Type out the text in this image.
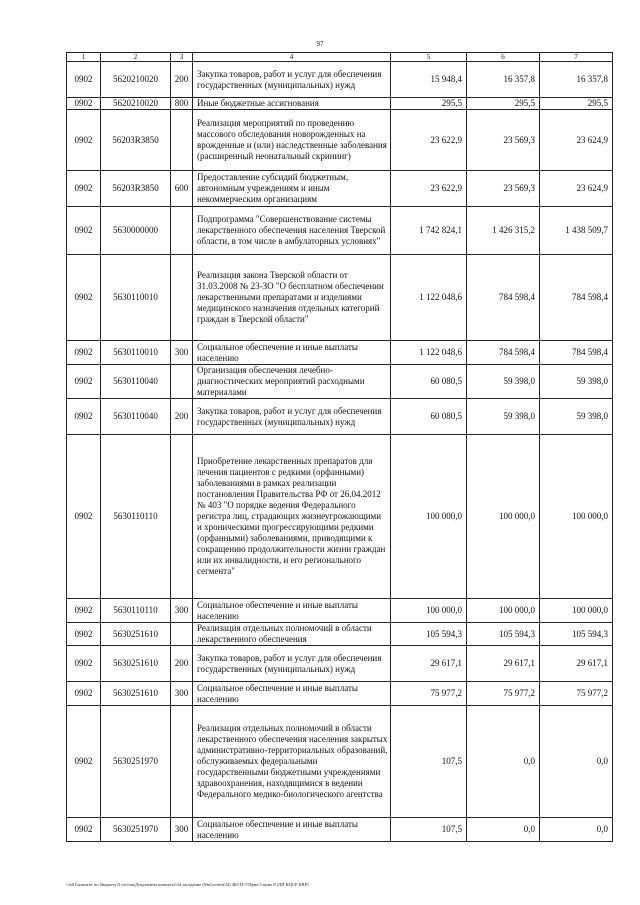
97
1	2	3	4	5	6	7
0902	5620210020	200	Закупка товаров, работ и услуг для обеспечения государственных (муниципальных) нужд	15 948,4	16 357,8	16 357,8
0902	5620210020	800	Иные бюджетные ассигнования	295,5	295,5	295,5
0902	56203R3850		Реализация мероприятий по проведению массового обследования новорожденных на врожденные и (или) наследственные заболевания (расширенный неонатальный скрининг)	23 622,9	23 569,3	23 624,9
0902	56203R3850	600	Предоставление субсидий бюджетным, автономным учреждениям и иным некоммерческим организациям	23 622,9	23 569,3	23 624,9
0902	5630000000		Подпрограмма "Совершенствование системы лекарственного обеспечения населения Тверской области, в том числе в амбулаторных условиях"	1 742 824,1	1 426 315,2	1 438 509,7
0902	5630110010		Реализация закона Тверской области от 31.03.2008 № 23-ЗО "О бесплатном обеспечении лекарственными препаратами и изделиями медицинского назначения отдельных категорий граждан в Тверской области"	1 122 048,6	784 598,4	784 598,4
0902	5630110010	300	Социальное обеспечение и иные выплаты населению	1 122 048,6	784 598,4	784 598,4
0902	5630110040		Организация обеспечения лечебно-диагностических мероприятий расходными материалами	60 080,5	59 398,0	59 398,0
0902	5630110040	200	Закупка товаров, работ и услуг для обеспечения государственных (муниципальных) нужд	60 080,5	59 398,0	59 398,0
0902	5630110110		Приобретение лекарственных препаратов для лечения пациентов с редкими (орфанными) заболеваниями в рамках реализации постановления Правительства РФ от 26.04.2012 № 403 "О порядке ведения Федерального регистра лиц, страдающих жизнеугрожающими и хроническими прогрессирующими редкими (орфанными) заболеваниями, приводящими к сокращению продолжительности жизни граждан или их инвалидности, и его регионального сегмента"	100 000,0	100 000,0	100 000,0
0902	5630110110	300	Социальное обеспечение и иные выплаты населению	100 000,0	100 000,0	100 000,0
0902	5630251610		Реализация отдельных полномочий в области лекарственного обеспечения	105 594,3	105 594,3	105 594,3
0902	5630251610	200	Закупка товаров, работ и услуг для обеспечения государственных (муниципальных) нужд	29 617,1	29 617,1	29 617,1
0902	5630251610	300	Социальное обеспечение и иные выплаты населению	75 977,2	75 977,2	75 977,2
0902	5630251970		Реализация отдельных полномочий в области лекарственного обеспечения населения закрытых административно-территориальных образований, обслуживаемых федеральными государственными бюджетными учреждениями здравоохранения, находящимися в ведении Федерального медико-биологического агентства	107,5	0,0	0,0
0902	5630251970	300	Социальное обеспечение и иные выплаты населению	107,5	0,0	0,0
\\fs01\комитет по бюджету\3 сессия\Документы комитета\24 заседание (Мо)\отчет(24) 465-П-7\Прил.5 прил 8 (ЛП КЦСР КВР)
